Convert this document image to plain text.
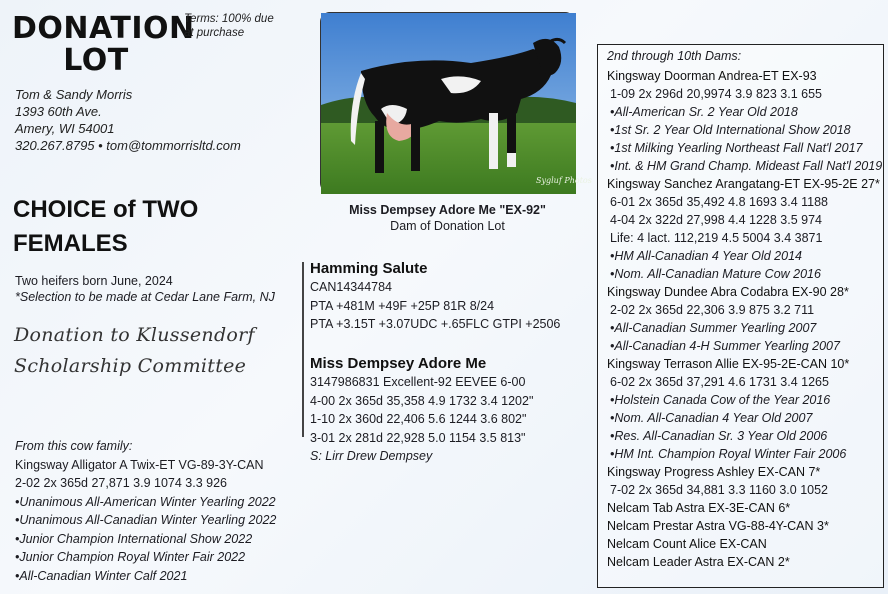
DONATION
LOT
Terms: 100% due
at purchase
Tom & Sandy Morris
1393 60th Ave.
Amery, WI 54001
320.267.8795 • tom@tommorrisltd.com
CHOICE of TWO
FEMALES
Two heifers born June, 2024
*Selection to be made at Cedar Lane Farm, NJ
Donation to Klussendorf
Scholarship Committee
From this cow family:
Kingsway Alligator A Twix-ET VG-89-3Y-CAN
2-02 2x 365d 27,871 3.9 1074 3.3 926
•Unanimous All-American Winter Yearling 2022
•Unanimous All-Canadian Winter Yearling 2022
•Junior Champion International Show 2022
•Junior Champion Royal Winter Fair 2022
•All-Canadian Winter Calf 2021
Sygluf Photos
Miss Dempsey Adore Me "EX-92"
Dam of Donation Lot
Hamming Salute
CAN14344784
PTA +481M +49F +25P 81R 8/24
PTA +3.15T +3.07UDC +.65FLC GTPI +2506
Miss Dempsey Adore Me
3147986831 Excellent-92 EEVEE 6-00
4-00 2x 365d 35,358 4.9 1732 3.4 1202"
1-10 2x 360d 22,406 5.6 1244 3.6 802"
3-01 2x 281d 22,928 5.0 1154 3.5 813"
S: Lirr Drew Dempsey
2nd through 10th Dams:
Kingsway Doorman Andrea-ET EX-93
1-09 2x 296d 20,9974 3.9 823 3.1 655
•All-American Sr. 2 Year Old 2018
•1st Sr. 2 Year Old International Show 2018
•1st Milking Yearling Northeast Fall Nat'l 2017
•Int. & HM Grand Champ. Mideast Fall Nat'l 2019
Kingsway Sanchez Arangatang-ET EX-95-2E 27*
6-01 2x 365d 35,492 4.8 1693 3.4 1188
4-04 2x 322d 27,998 4.4 1228 3.5 974
Life: 4 lact. 112,219 4.5 5004 3.4 3871
•HM All-Canadian 4 Year Old 2014
•Nom. All-Canadian Mature Cow 2016
Kingsway Dundee Abra Codabra EX-90 28*
2-02 2x 365d 22,306 3.9 875 3.2 711
•All-Canadian Summer Yearling 2007
•All-Canadian 4-H Summer Yearling 2007
Kingsway Terrason Allie EX-95-2E-CAN 10*
6-02 2x 365d 37,291 4.6 1731 3.4 1265
•Holstein Canada Cow of the Year 2016
•Nom. All-Canadian 4 Year Old 2007
•Res. All-Canadian Sr. 3 Year Old 2006
•HM Int. Champion Royal Winter Fair 2006
Kingsway Progress Ashley EX-CAN 7*
7-02 2x 365d 34,881 3.3 1160 3.0 1052
Nelcam Tab Astra EX-3E-CAN 6*
Nelcam Prestar Astra VG-88-4Y-CAN 3*
Nelcam Count Alice EX-CAN
Nelcam Leader Astra EX-CAN 2*
